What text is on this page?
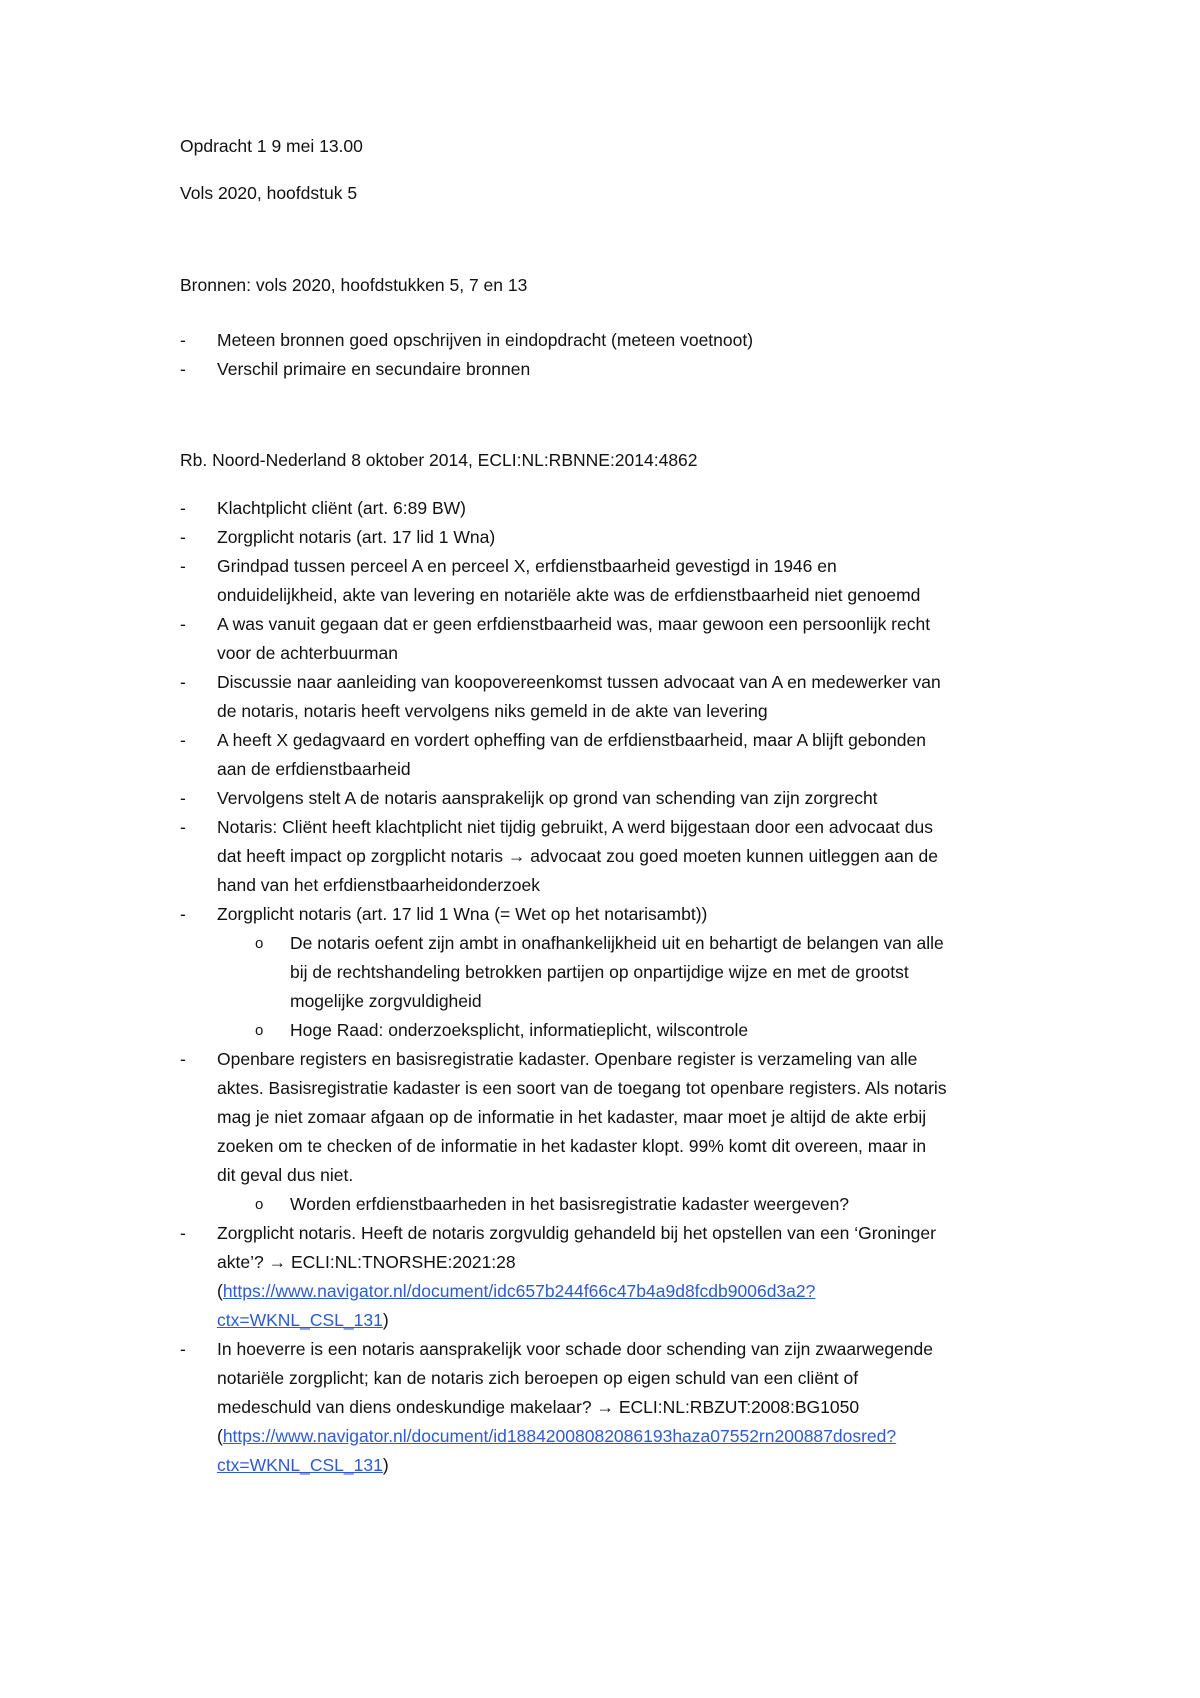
Opdracht 1 9 mei 13.00
Vols 2020, hoofdstuk 5
Bronnen: vols 2020, hoofdstukken 5, 7 en 13
- Meteen bronnen goed opschrijven in eindopdracht (meteen voetnoot)
- Verschil primaire en secundaire bronnen
Rb. Noord-Nederland 8 oktober 2014, ECLI:NL:RBNNE:2014:4862
- Klachtplicht cliënt (art. 6:89 BW)
- Zorgplicht notaris (art. 17 lid 1 Wna)
- Grindpad tussen perceel A en perceel X, erfdienstbaarheid gevestigd in 1946 en
onduidelijkheid, akte van levering en notariële akte was de erfdienstbaarheid niet genoemd
- A was vanuit gegaan dat er geen erfdienstbaarheid was, maar gewoon een persoonlijk recht
voor de achterbuurman
- Discussie naar aanleiding van koopovereenkomst tussen advocaat van A en medewerker van
de notaris, notaris heeft vervolgens niks gemeld in de akte van levering
- A heeft X gedagvaard en vordert opheffing van de erfdienstbaarheid, maar A blijft gebonden
aan de erfdienstbaarheid
- Vervolgens stelt A de notaris aansprakelijk op grond van schending van zijn zorgrecht
- Notaris: Cliënt heeft klachtplicht niet tijdig gebruikt, A werd bijgestaan door een advocaat dus
dat heeft impact op zorgplicht notaris → advocaat zou goed moeten kunnen uitleggen aan de
hand van het erfdienstbaarheidonderzoek
- Zorgplicht notaris (art. 17 lid 1 Wna (= Wet op het notarisambt))
o De notaris oefent zijn ambt in onafhankelijkheid uit en behartigt de belangen van alle
bij de rechtshandeling betrokken partijen op onpartijdige wijze en met de grootst
mogelijke zorgvuldigheid
o Hoge Raad: onderzoeksplicht, informatieplicht, wilscontrole
- Openbare registers en basisregistratie kadaster. Openbare register is verzameling van alle
aktes. Basisregistratie kadaster is een soort van de toegang tot openbare registers. Als notaris
mag je niet zomaar afgaan op de informatie in het kadaster, maar moet je altijd de akte erbij
zoeken om te checken of de informatie in het kadaster klopt. 99% komt dit overeen, maar in
dit geval dus niet.
o Worden erfdienstbaarheden in het basisregistratie kadaster weergeven?
- Zorgplicht notaris. Heeft de notaris zorgvuldig gehandeld bij het opstellen van een ‘Groninger
akte’? → ECLI:NL:TNORSHE:2021:28
(https://www.navigator.nl/document/idc657b244f66c47b4a9d8fcdb9006d3a2?
ctx=WKNL_CSL_131)
- In hoeverre is een notaris aansprakelijk voor schade door schending van zijn zwaarwegende
notariële zorgplicht; kan de notaris zich beroepen op eigen schuld van een cliënt of
medeschuld van diens ondeskundige makelaar? → ECLI:NL:RBZUT:2008:BG1050
(https://www.navigator.nl/document/id188420080820861​93haza07552rn200887dosred?
ctx=WKNL_CSL_131)
